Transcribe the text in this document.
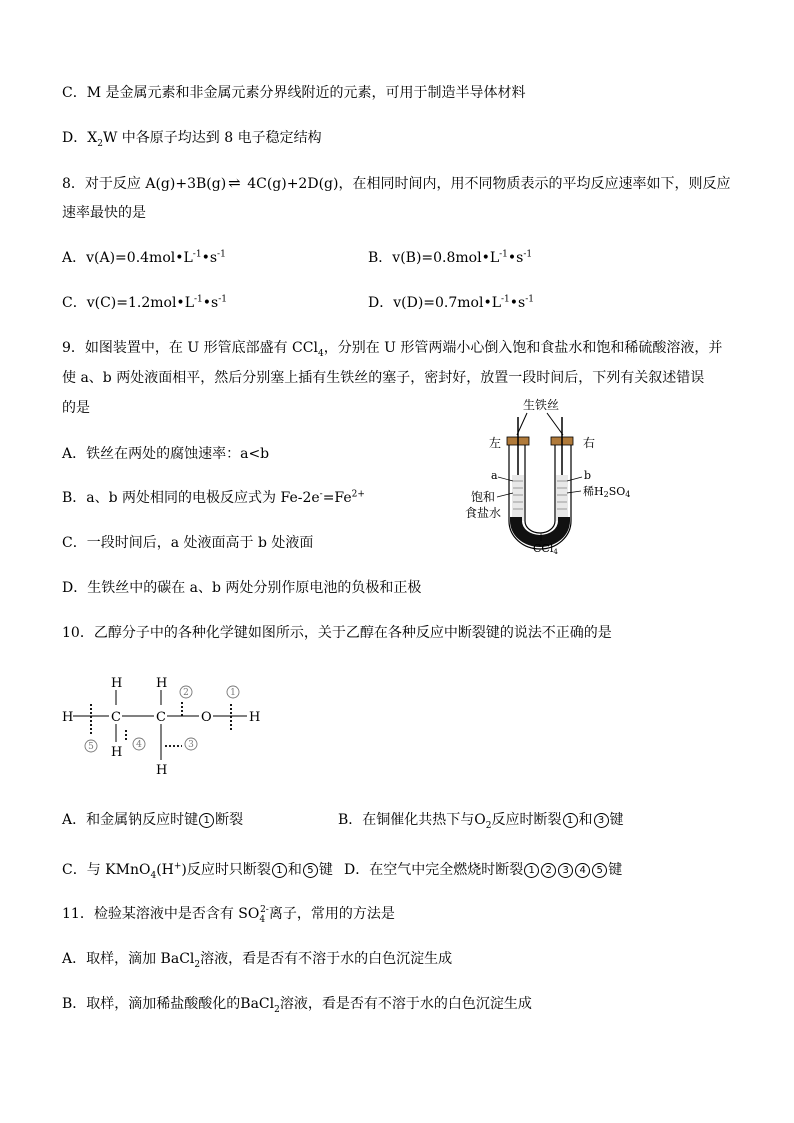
C．M 是金属元素和非金属元素分界线附近的元素，可用于制造半导体材料
D．$X_2W$ 中各原子均达到 8 电子稳定结构
8．对于反应 A(g)+3B(g) ⇌ 4C(g)+2D(g)，在相同时间内，用不同物质表示的平均反应速率如下，则反应
速率最快的是
A．$v(A)=0.4mol•L^{-1}•s^{-1}$	B．$v(B)=0.8mol•L^{-1}•s^{-1}$
C．$v(C)=1.2mol•L^{-1}•s^{-1}$	D．$v(D)=0.7mol•L^{-1}•s^{-1}$
9．如图装置中，在 U 形管底部盛有 CCl$_4$，分别在 U 形管两端小心倒入饱和食盐水和饱和稀硫酸溶液，并
使 a、b 两处液面相平，然后分别塞上插有生铁丝的塞子，密封好，放置一段时间后，下列有关叙述错误
的是
A．铁丝在两处的腐蚀速率：a<b
B．a、b 两处相同的电极反应式为 $Fe-2e^-=Fe^{2+}$
C．一段时间后，a 处液面高于 b 处液面
D．生铁丝中的碳在 a、b 两处分别作原电池的负极和正极
生铁丝
左	右
a	b
稀H2SO4
饱和
食盐水
CCl4
10．乙醇分子中的各种化学键如图所示，关于乙醇在各种反应中断裂键的说法不正确的是
H	C	C	O	H
H
H
H
H
1
2
3
4
5
A．和金属钠反应时键 1 断裂	B．在铜催化共热下与$O_2$反应时断裂 1 和 3 键
C．与 KMnO$_4$(H+)反应时只断裂 1 和 5 键 D．在空气中完全燃烧时断裂 1 2 3 4 5 键
11．检验某溶液中是否含有 $SO_4^{2-}$离子，常用的方法是
A．取样，滴加 BaCl$_2$溶液，看是否有不溶于水的白色沉淀生成
B．取样，滴加稀盐酸酸化的BaCl$_2$溶液，看是否有不溶于水的白色沉淀生成
